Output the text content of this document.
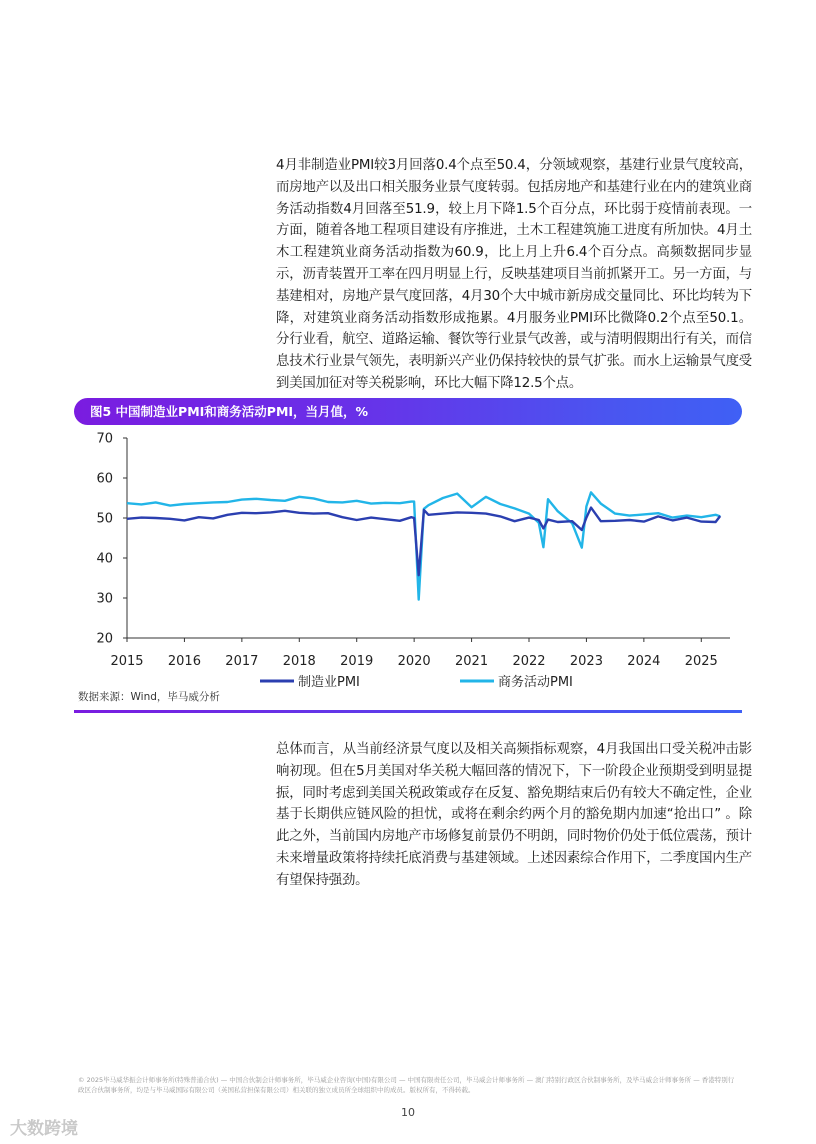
4月非制造业PMI较3月回落0.4个点至50.4，分领域观察，基建行业景气度较高，而房地产以及出口相关服务业景气度转弱。包括房地产和基建行业在内的建筑业商务活动指数4月回落至51.9，较上月下降1.5个百分点，环比弱于疫情前表现。一方面，随着各地工程项目建设有序推进，土木工程建筑施工进度有所加快。4月土木工程建筑业商务活动指数为60.9，比上月上升6.4个百分点。高频数据同步显示，沥青装置开工率在四月明显上行，反映基建项目当前抓紧开工。另一方面，与基建相对，房地产景气度回落，4月30个大中城市新房成交量同比、环比均转为下降，对建筑业商务活动指数形成拖累。4月服务业PMI环比微降0.2个点至50.1。分行业看，航空、道路运输、餐饮等行业景气改善，或与清明假期出行有关，而信息技术行业景气领先，表明新兴产业仍保持较快的景气扩张。而水上运输景气度受到美国加征对等关税影响，环比大幅下降12.5个点。

图5 中国制造业PMI和商务活动PMI，当月值，%
20
30
40
50
60
70
2015 2016 2017 2018 2019 2020 2021 2022 2023 2024 2025
制造业PMI	商务活动PMI
数据来源：Wind，毕马威分析

总体而言，从当前经济景气度以及相关高频指标观察，4月我国出口受关税冲击影响初现。但在5月美国对华关税大幅回落的情况下，下一阶段企业预期受到明显提振，同时考虑到美国关税政策或存在反复、豁免期结束后仍有较大不确定性，企业基于长期供应链风险的担忧，或将在剩余约两个月的豁免期内加速“抢出口” 。除此之外，当前国内房地产市场修复前景仍不明朗，同时物价仍处于低位震荡，预计未来增量政策将持续托底消费与基建领域。上述因素综合作用下，二季度国内生产有望保持强劲。

© 2025毕马威华振会计师事务所(特殊普通合伙) — 中国合伙制会计师事务所，毕马威企业咨询(中国)有限公司 — 中国有限责任公司，毕马威会计师事务所 — 澳门特别行政区合伙制事务所，及毕马威会计师事务所 — 香港特别行政区合伙制事务所，均是与毕马威国际有限公司（英国私营担保有限公司）相关联的独立成员所全球组织中的成员。版权所有，不得转载。
10
大数跨境
